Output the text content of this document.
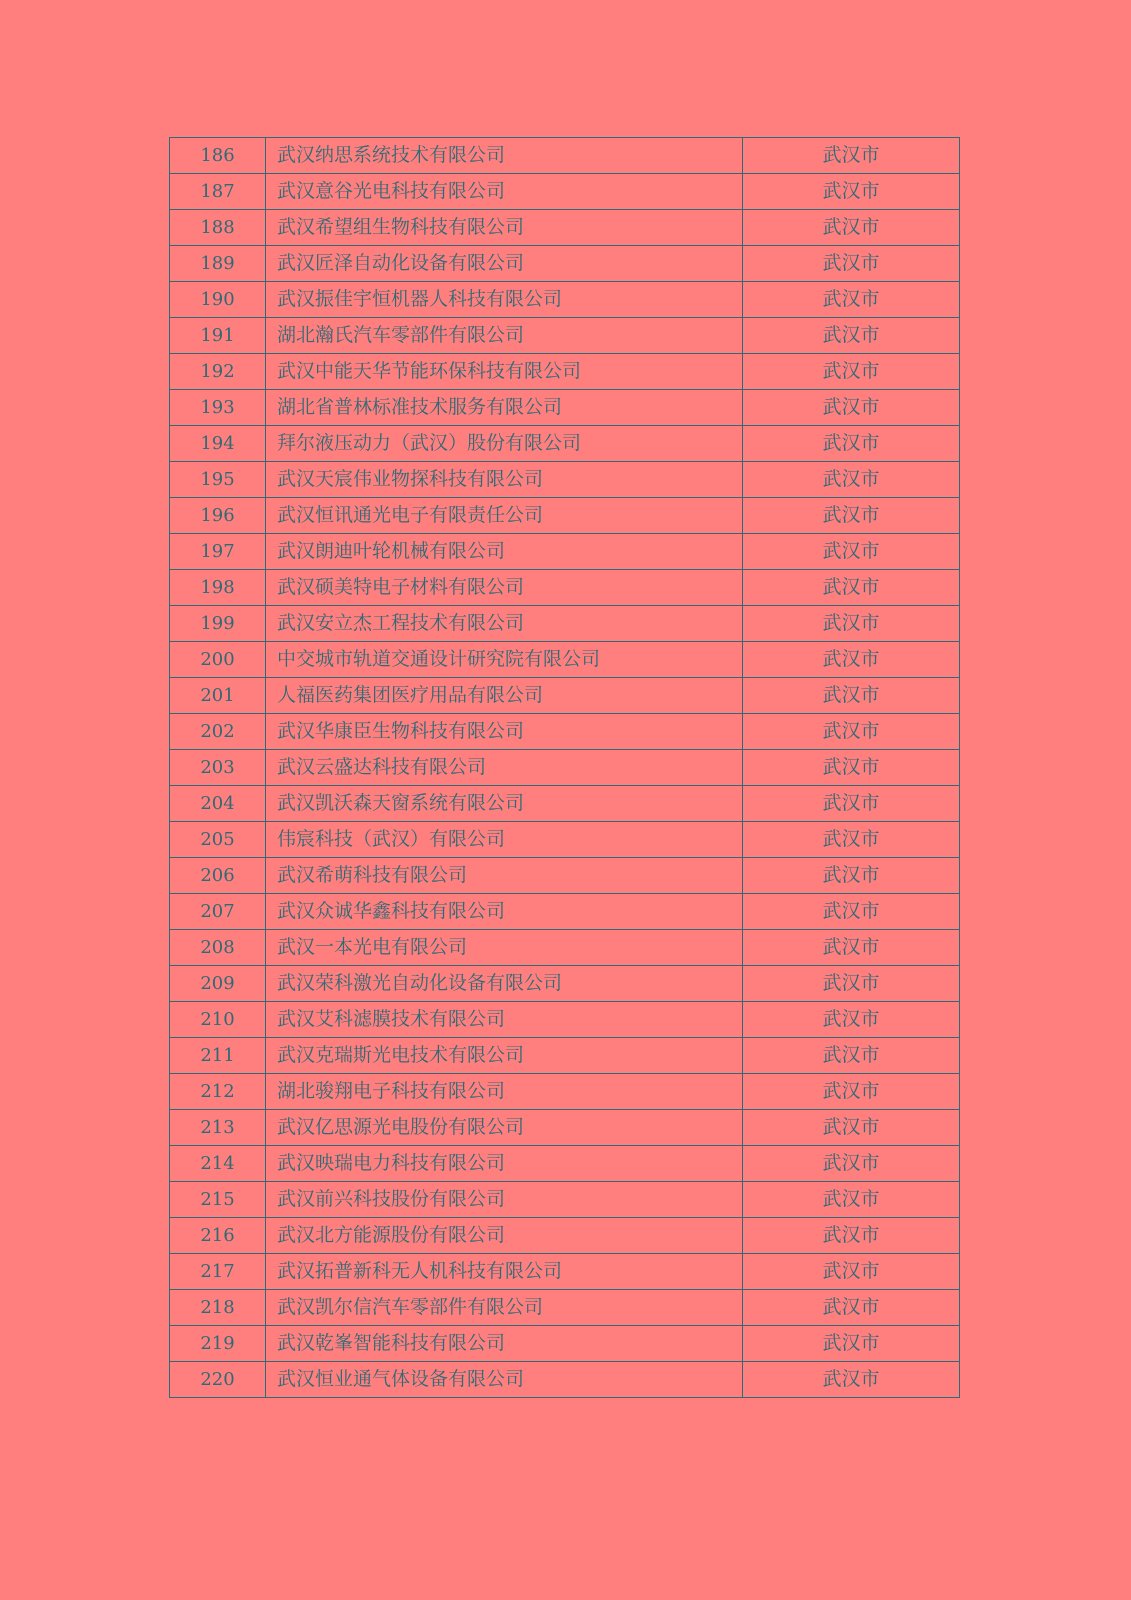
186	武汉纳思系统技术有限公司	武汉市
187	武汉意谷光电科技有限公司	武汉市
188	武汉希望组生物科技有限公司	武汉市
189	武汉匠泽自动化设备有限公司	武汉市
190	武汉振佳宇恒机器人科技有限公司	武汉市
191	湖北瀚氏汽车零部件有限公司	武汉市
192	武汉中能天华节能环保科技有限公司	武汉市
193	湖北省普林标准技术服务有限公司	武汉市
194	拜尔液压动力（武汉）股份有限公司	武汉市
195	武汉天宸伟业物探科技有限公司	武汉市
196	武汉恒讯通光电子有限责任公司	武汉市
197	武汉朗迪叶轮机械有限公司	武汉市
198	武汉硕美特电子材料有限公司	武汉市
199	武汉安立杰工程技术有限公司	武汉市
200	中交城市轨道交通设计研究院有限公司	武汉市
201	人福医药集团医疗用品有限公司	武汉市
202	武汉华康臣生物科技有限公司	武汉市
203	武汉云盛达科技有限公司	武汉市
204	武汉凯沃森天窗系统有限公司	武汉市
205	伟宸科技（武汉）有限公司	武汉市
206	武汉希萌科技有限公司	武汉市
207	武汉众诚华鑫科技有限公司	武汉市
208	武汉一本光电有限公司	武汉市
209	武汉荣科激光自动化设备有限公司	武汉市
210	武汉艾科滤膜技术有限公司	武汉市
211	武汉克瑞斯光电技术有限公司	武汉市
212	湖北骏翔电子科技有限公司	武汉市
213	武汉亿思源光电股份有限公司	武汉市
214	武汉映瑞电力科技有限公司	武汉市
215	武汉前兴科技股份有限公司	武汉市
216	武汉北方能源股份有限公司	武汉市
217	武汉拓普新科无人机科技有限公司	武汉市
218	武汉凯尔信汽车零部件有限公司	武汉市
219	武汉乾峯智能科技有限公司	武汉市
220	武汉恒业通气体设备有限公司	武汉市
